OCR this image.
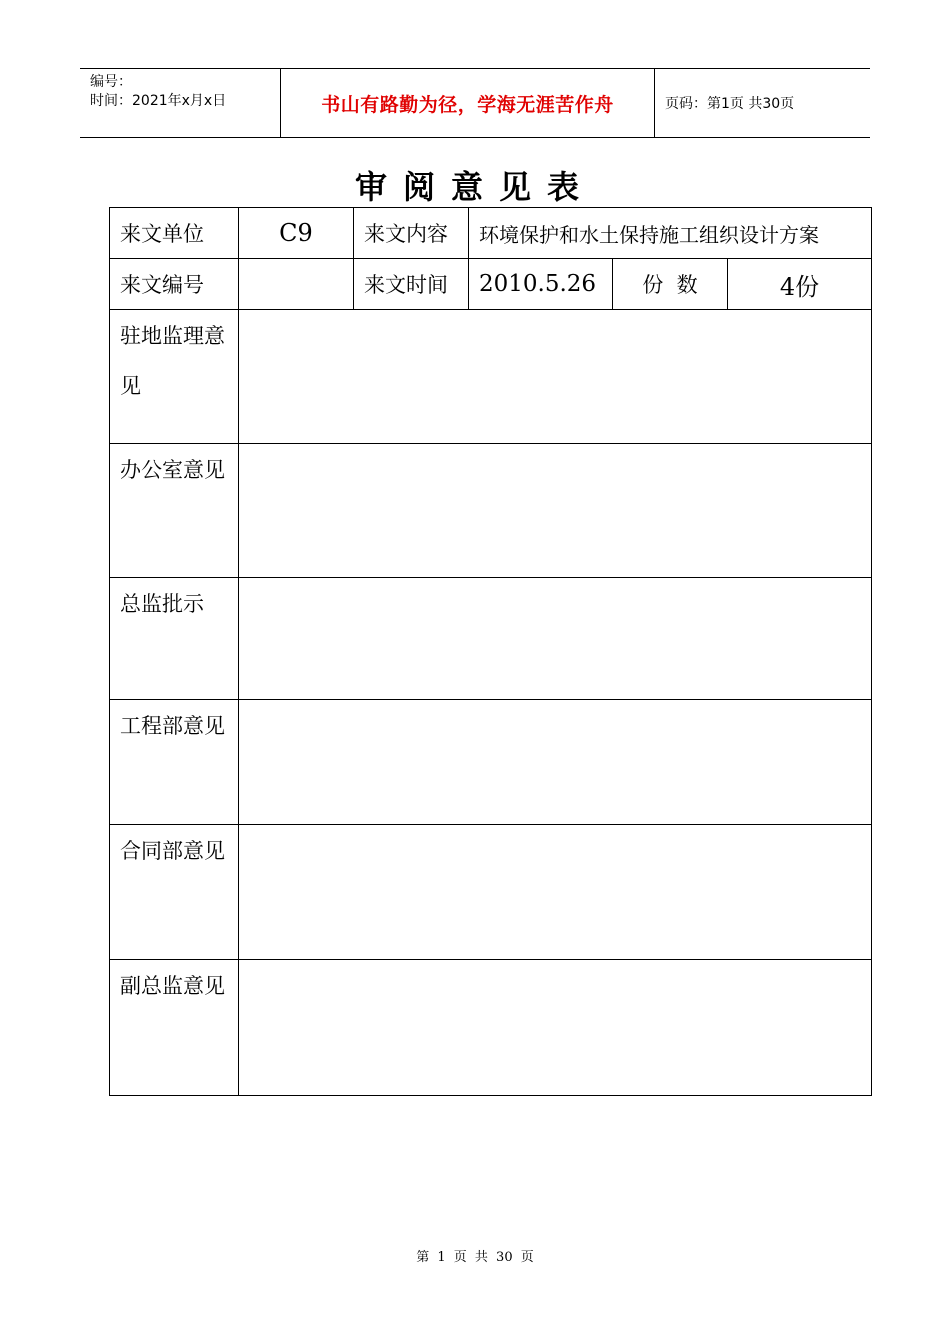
编号：
时间：2021年x月x日	书山有路勤为径，学海无涯苦作舟	页码：第1页 共30页
审阅意见表
来文单位	C9	来文内容	环境保护和水土保持施工组织设计方案		
来文编号		来文时间	2010.5.26	份  数	4份

驻地监理意
见					

办公室意见					

总监批示					

工程部意见					

合同部意见					

副总监意见					

第 1 页 共 30 页
